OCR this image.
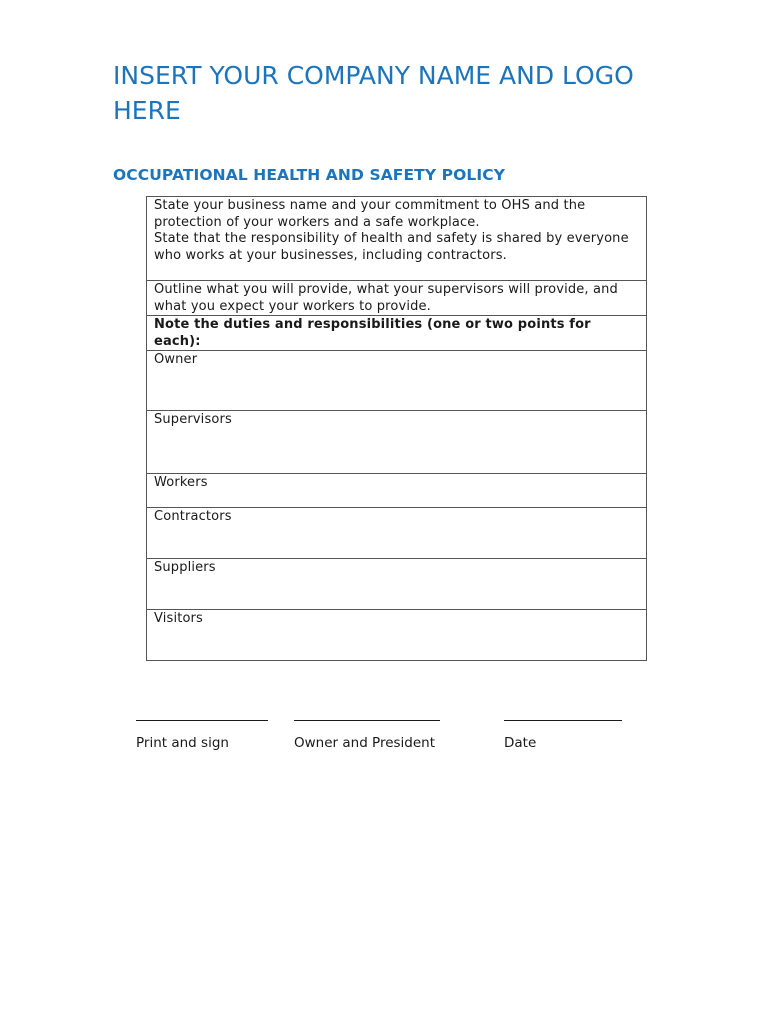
INSERT YOUR COMPANY NAME AND LOGO HERE
OCCUPATIONAL HEALTH AND SAFETY POLICY
State your business name and your commitment to OHS and the protection of your workers and a safe workplace.
State that the responsibility of health and safety is shared by everyone who works at your businesses, including contractors.

Outline what you will provide, what your supervisors will provide, and what you expect your workers to provide.
Note the duties and responsibilities (one or two points for each):
Owner
Supervisors
Workers
Contractors
Suppliers
Visitors
Print and sign	Owner and President	Date
